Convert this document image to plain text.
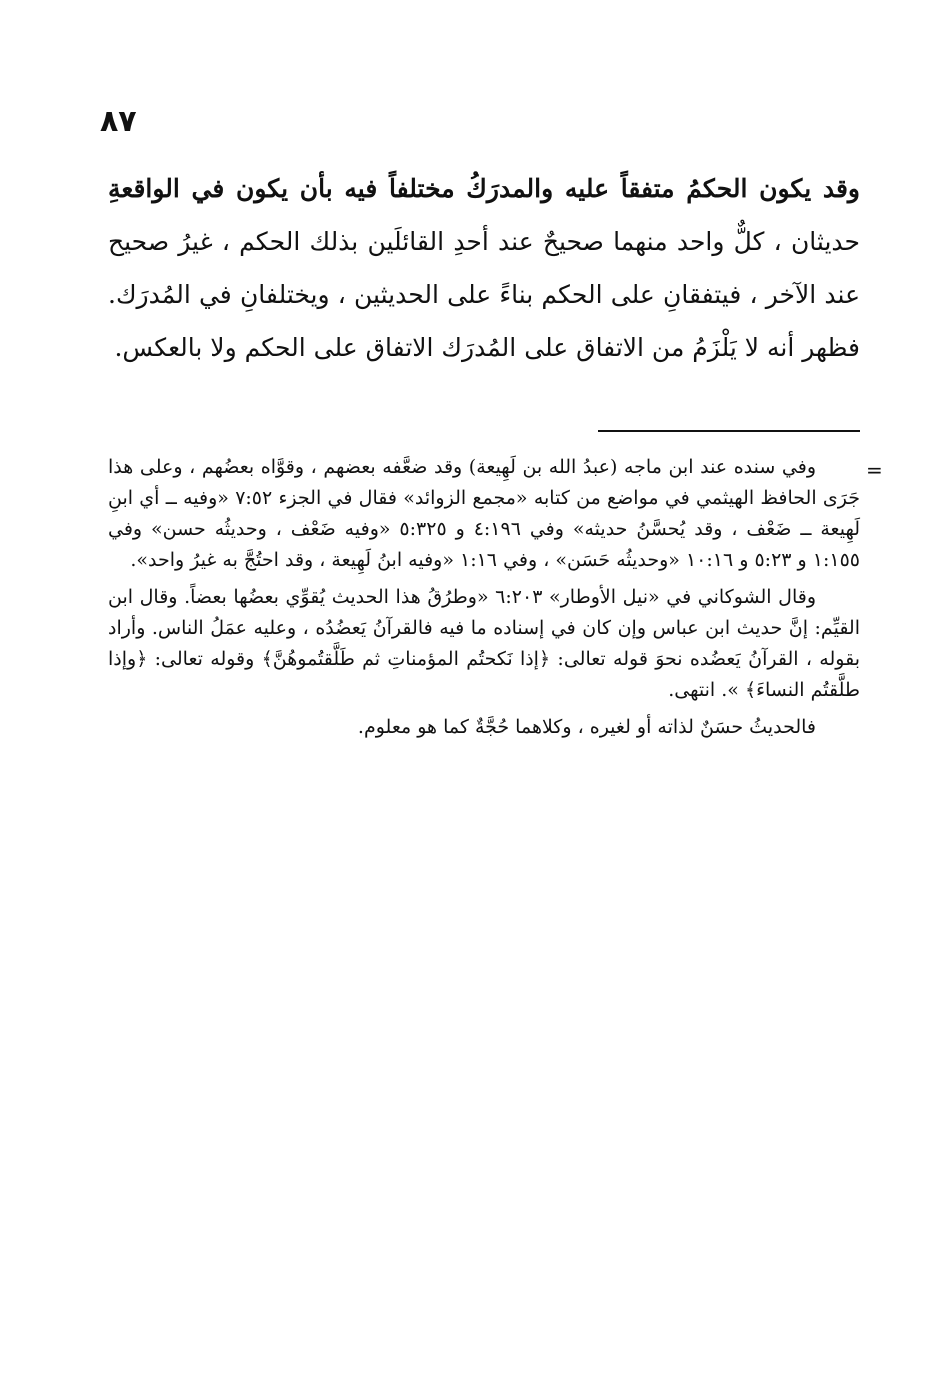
٨٧
وقد يكون الحكمُ متفقاً عليه والمدرَكُ مختلفاً فيه بأن يكون في الواقعةِ حديثان ، كلٌّ واحد منهما صحيحٌ عند أحدِ القائلَين بذلك الحكم ، غيرُ صحيح عند الآخر ، فيتفقانِ على الحكم بناءً على الحديثين ، ويختلفانِ في المُدرَك. فظهر أنه لا يَلْزَمُ من الاتفاق على المُدرَك الاتفاق على الحكم ولا بالعكس.
=

وفي سنده عند ابن ماجه (عبدُ الله بن لَهِيعة) وقد ضعَّفه بعضهم ، وقوَّاه بعضُهم ، وعلى هذا جَرَى الحافظ الهيثمي في مواضع من كتابه «مجمع الزوائد» فقال في الجزء ٧:٥٢ «وفيه ــ أي ابنِ لَهِيعة ــ ضَعْف ، وقد يُحسَّنُ حديثه» وفي ٤:١٩٦ و ٥:٣٢٥ «وفيه ضَعْف ، وحديثُه حسن» وفي ١:١٥٥ و ٥:٢٣ و ١٠:١٦ «وحديثُه حَسَن» ، وفي ١:١٦ «وفيه ابنُ لَهِيعة ، وقد احتُجَّ به غيرُ واحد».

وقال الشوكاني في «نيل الأوطار» ٦:٢٠٣ «وطرُقُ هذا الحديث يُقوِّي بعضُها بعضاً. وقال ابن القيِّم: إنَّ حديث ابن عباس وإن كان في إسناده ما فيه فالقرآنُ يَعضُدُه ، وعليه عمَلُ الناس. وأراد بقوله ، القرآنُ يَعضُده نحوَ قوله تعالى: ﴿إذا نَكحتُم المؤمناتِ ثم طَلَّقتُموهُنَّ﴾ وقوله تعالى: ﴿وإذا طلَّقتُم النساءَ﴾ ». انتهى.

فالحديثُ حسَنٌ لذاته أو لغيره ، وكلاهما حُجَّةٌ كما هو معلوم.
